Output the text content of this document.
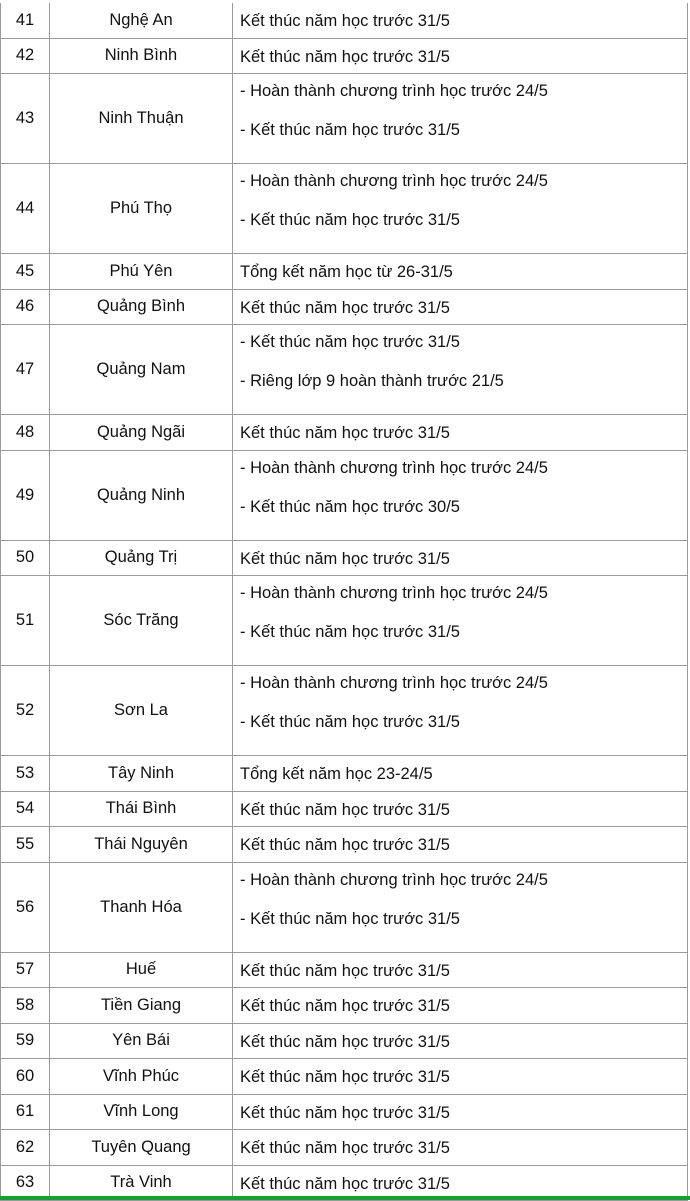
41	Nghệ An	Kết thúc năm học trước 31/5
42	Ninh Bình	Kết thúc năm học trước 31/5
43	Ninh Thuận
- Hoàn thành chương trình học trước 24/5
- Kết thúc năm học trước 31/5
44	Phú Thọ
- Hoàn thành chương trình học trước 24/5
- Kết thúc năm học trước 31/5
45	Phú Yên	Tổng kết năm học từ 26-31/5
46	Quảng Bình	Kết thúc năm học trước 31/5
47	Quảng Nam
- Kết thúc năm học trước 31/5
- Riêng lớp 9 hoàn thành trước 21/5
48	Quảng Ngãi	Kết thúc năm học trước 31/5
49	Quảng Ninh
- Hoàn thành chương trình học trước 24/5
- Kết thúc năm học trước 30/5
50	Quảng Trị	Kết thúc năm học trước 31/5
51	Sóc Trăng
- Hoàn thành chương trình học trước 24/5
- Kết thúc năm học trước 31/5
52	Sơn La
- Hoàn thành chương trình học trước 24/5
- Kết thúc năm học trước 31/5
53	Tây Ninh	Tổng kết năm học 23-24/5
54	Thái Bình	Kết thúc năm học trước 31/5
55	Thái Nguyên	Kết thúc năm học trước 31/5
56	Thanh Hóa
- Hoàn thành chương trình học trước 24/5
- Kết thúc năm học trước 31/5
57	Huế	Kết thúc năm học trước 31/5
58	Tiền Giang	Kết thúc năm học trước 31/5
59	Yên Bái	Kết thúc năm học trước 31/5
60	Vĩnh Phúc	Kết thúc năm học trước 31/5
61	Vĩnh Long	Kết thúc năm học trước 31/5
62	Tuyên Quang	Kết thúc năm học trước 31/5
63	Trà Vinh	Kết thúc năm học trước 31/5
